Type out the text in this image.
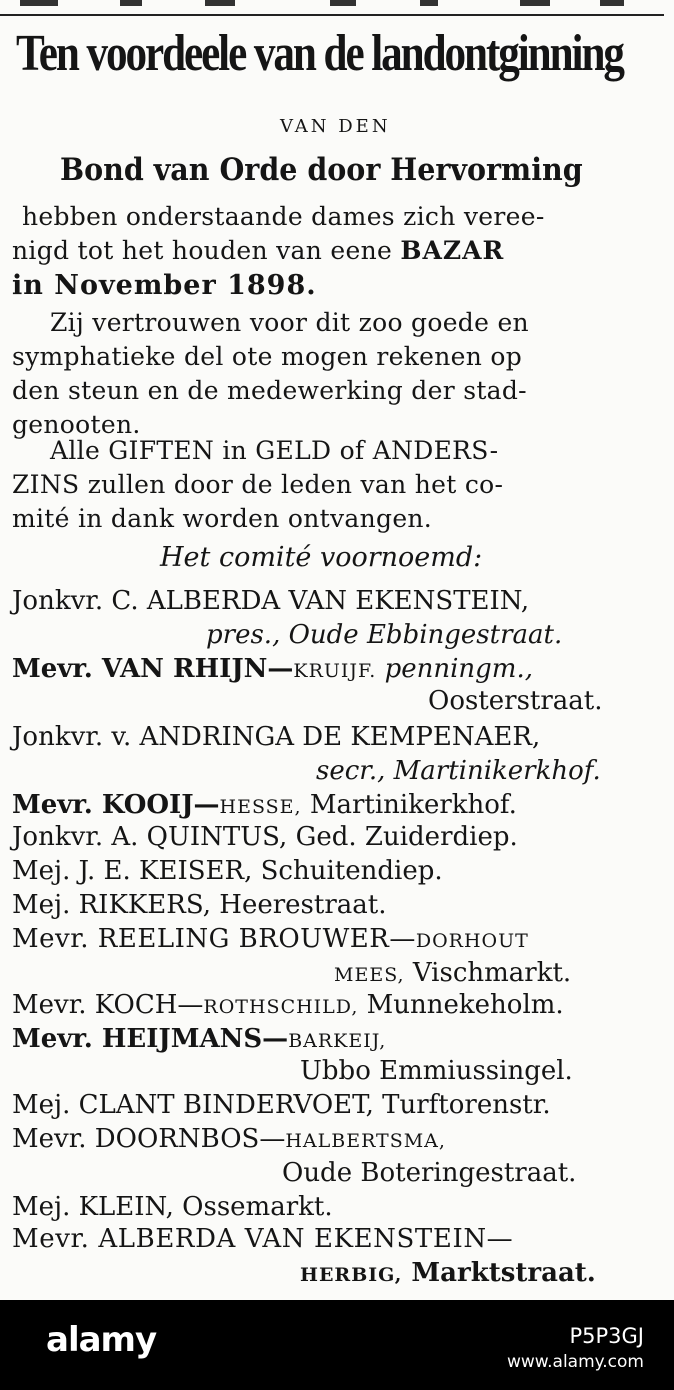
Ten voordeele van de landontginning
VAN DEN
Bond van Orde door Hervorming
hebben onderstaande dames zich veree-
nigd tot het houden van eene BAZAR
in November 1898.
Zij vertrouwen voor dit zoo goede en
symphatieke del ote mogen rekenen op
den steun en de medewerking der stad-
genooten.
Alle GIFTEN in GELD of ANDERS-
ZINS zullen door de leden van het co-
mité in dank worden ontvangen.
Het comité voornoemd:
Jonkvr. C. ALBERDA VAN EKENSTEIN,
pres., Oude Ebbingestraat.
Mevr. VAN RHIJN—KRUIJF. penningm.,
Oosterstraat.
Jonkvr. v. ANDRINGA DE KEMPENAER,
secr., Martinikerkhof.
Mevr. KOOIJ—HESSE, Martinikerkhof.
Jonkvr. A. QUINTUS, Ged. Zuiderdiep.
Mej. J. E. KEISER, Schuitendiep.
Mej. RIKKERS, Heerestraat.
Mevr. REELING BROUWER—DORHOUT
MEES, Vischmarkt.
Mevr. KOCH—ROTHSCHILD, Munnekeholm.
Mevr. HEIJMANS—BARKEIJ,
Ubbo Emmiussingel.
Mej. CLANT BINDERVOET, Turftorenstr.
Mevr. DOORNBOS—HALBERTSMA,
Oude Boteringestraat.
Mej. KLEIN, Ossemarkt.
Mevr. ALBERDA VAN EKENSTEIN—
HERBIG, Marktstraat.
alamy	P5P3GJ
www.alamy.com
